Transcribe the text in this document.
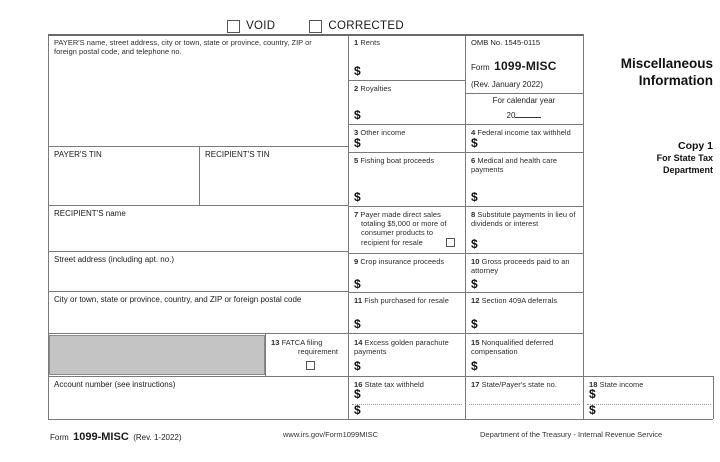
VOID	CORRECTED
PAYER'S name, street address, city or town, state or province, country, ZIP or foreign postal code, and telephone no.
PAYER'S TIN	RECIPIENT'S TIN
RECIPIENT'S name
Street address (including apt. no.)
City or town, state or province, country, and ZIP or foreign postal code
Account number (see instructions)
1 Rents
$
2 Royalties
$
3 Other income
$
5 Fishing boat proceeds
$
7 Payer made direct sales
totaling $5,000 or more of
consumer products to
recipient for resale
9 Crop insurance proceeds
$
11 Fish purchased for resale
$
4 Federal income tax withheld
$
6 Medical and health care payments
$
8 Substitute payments in lieu of dividends or interest
$
10 Gross proceeds paid to an attorney
$
12 Section 409A deferrals
$
OMB No. 1545-0115
Form 1099-MISC
(Rev. January 2022)
For calendar year
20
Miscellaneous
Information
Copy 1
For State Tax
Department
13 FATCA filing
requirement
14 Excess golden parachute payments
$
15 Nonqualified deferred compensation
$
16 State tax withheld
$
$
17 State/Payer's state no.	18 State income
$
$
Form 1099-MISC (Rev. 1-2022)	www.irs.gov/Form1099MISC	Department of the Treasury - Internal Revenue Service
